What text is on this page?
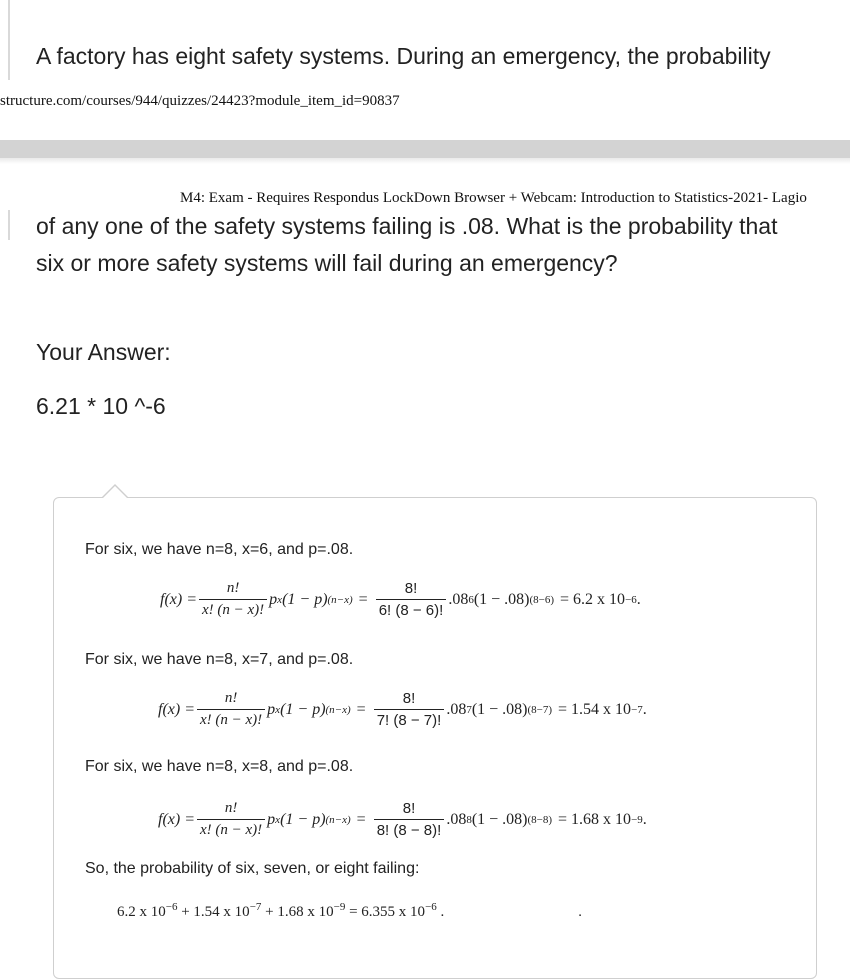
A factory has eight safety systems. During an emergency, the probability
structure.com/courses/944/quizzes/24423?module_item_id=90837
M4: Exam - Requires Respondus LockDown Browser + Webcam: Introduction to Statistics-2021- Lagio
of any one of the safety systems failing is .08. What is the probability that
six or more safety systems will fail during an emergency?
Your Answer:
6.21 * 10 ^-6
For six, we have n=8, x=6, and p=.08.
$f(x) = \frac{n!}{x! (n - x)!}$ p x (1 − p) $(n-x) = \frac{8!}{6! (8 - 6)!} .08$ 6 (1 − .08) (8−6) = 6.2 x 10 −6 .
For six, we have n=8, x=7, and p=.08.
$f(x) = \frac{n!}{x! (n - x)!}$ p x (1 − p) $(n-x) = \frac{8!}{7! (8 - 7)!} .08$ 7 (1 − .08) (8−7) = 1.54 x 10 −7 .
For six, we have n=8, x=8, and p=.08.
$f(x) = \frac{n!}{x! (n - x)!}$ p x (1 − p) $(n-x) = \frac{8!}{8! (8 - 8)!} .08$ 8 (1 − .08) (8−8) = 1.68 x 10 −9 .
So, the probability of six, seven, or eight failing:
6.2 x $10^{-6} + 1.54$ x $10^{-7} + 1.68$ x $10^{-9} = 6.355$ x $10^{-6}$ .	.
